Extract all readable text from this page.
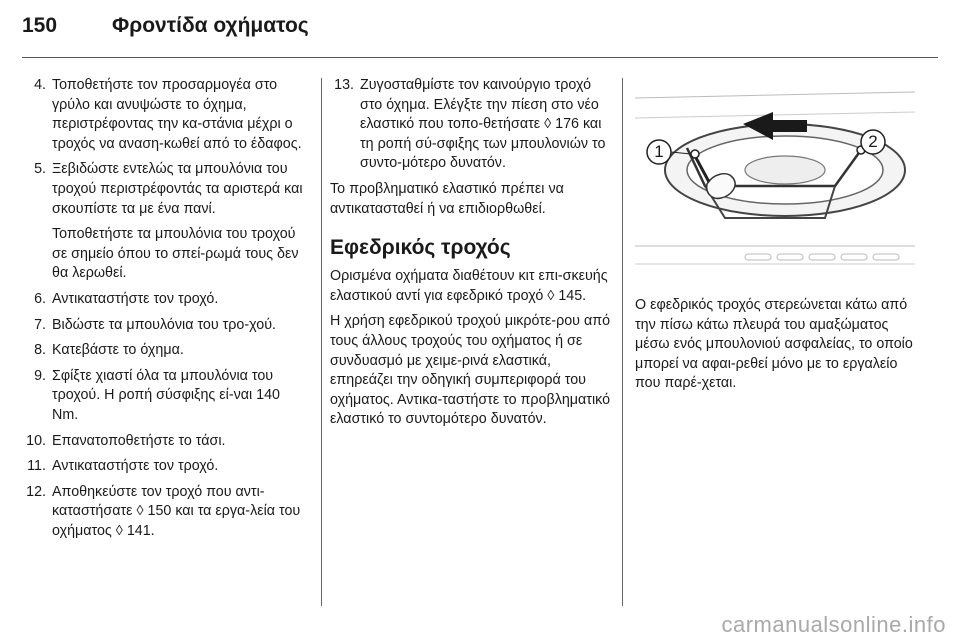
150	Φροντίδα οχήματος
4. Τοποθετήστε τον προσαρμογέα στο γρύλο και ανυψώστε το όχημα, περιστρέφοντας την κα-στάνια μέχρι ο τροχός να αναση-κωθεί από το έδαφος.
5. Ξεβιδώστε εντελώς τα μπουλόνια του τροχού περιστρέφοντάς τα αριστερά και σκουπίστε τα με ένα πανί.
Τοποθετήστε τα μπουλόνια του τροχού σε σημείο όπου το σπεί-ρωμά τους δεν θα λερωθεί.
6. Αντικαταστήστε τον τροχό.
7. Βιδώστε τα μπουλόνια του τρο-χού.
8. Κατεβάστε το όχημα.
9. Σφίξτε χιαστί όλα τα μπουλόνια του τροχού. Η ροπή σύσφιξης εί-ναι 140 Nm.
10. Επανατοποθετήστε το τάσι.
11. Αντικαταστήστε τον τροχό.
12. Αποθηκεύστε τον τροχό που αντι-καταστήσατε ◊ 150 και τα εργα-λεία του οχήματος ◊ 141.
13. Ζυγοσταθμίστε τον καινούργιο τροχό στο όχημα. Ελέγξτε την πίεση στο νέο ελαστικό που τοπο-θετήσατε ◊ 176 και τη ροπή σύ-σφιξης των μπουλονιών το συντο-μότερο δυνατόν.
Το προβληματικό ελαστικό πρέπει να αντικατασταθεί ή να επιδιορθωθεί.
Εφεδρικός τροχός
Ορισμένα οχήματα διαθέτουν κιτ επι-σκευής ελαστικού αντί για εφεδρικό τροχό ◊ 145.
Η χρήση εφεδρικού τροχού μικρότε-ρου από τους άλλους τροχούς του οχήματος ή σε συνδυασμό με χειμε-ρινά ελαστικά, επηρεάζει την οδηγική συμπεριφορά του οχήματος. Αντικα-ταστήστε το προβληματικό ελαστικό το συντομότερο δυνατόν.
1
2
Ο εφεδρικός τροχός στερεώνεται κάτω από την πίσω κάτω πλευρά του αμαξώματος μέσω ενός μπουλονιού ασφαλείας, το οποίο μπορεί να αφαι-ρεθεί μόνο με το εργαλείο που παρέ-χεται.
carmanualsonline.info
